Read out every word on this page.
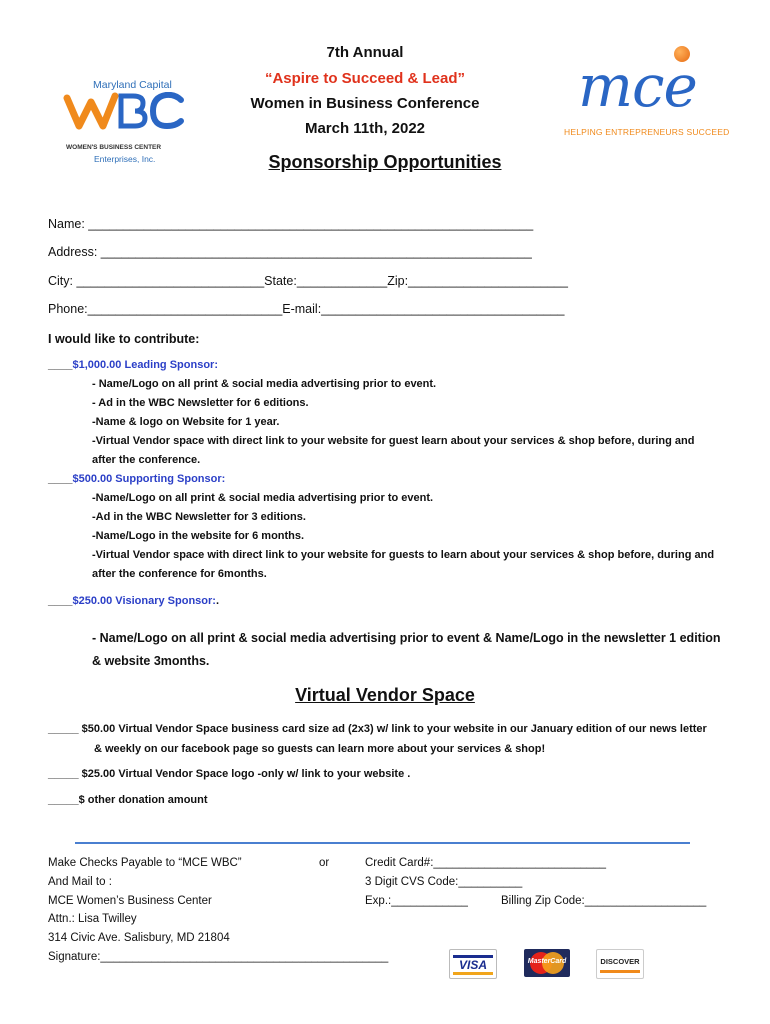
Maryland Capital
WOMEN'S BUSINESS CENTER
Enterprises, Inc.
mce
HELPING ENTREPRENEURS SUCCEED
7th Annual
“Aspire to Succeed & Lead”
Women in Business Conference
March 11th, 2022
Sponsorship Opportunities
Name: ________________________________________________________________
Address: ______________________________________________________________
City: ___________________________State:_____________Zip:_______________________
Phone:____________________________E-mail:___________________________________
I would like to contribute:
____$1,000.00 Leading Sponsor:
- Name/Logo on all print & social media advertising prior to event.
- Ad in the WBC Newsletter for 6 editions.
-Name & logo on Website for 1 year.
-Virtual Vendor space with direct link to your website for guest learn about your services & shop before, during and
after the conference.
____$500.00 Supporting Sponsor:
-Name/Logo on all print & social media advertising prior to event.
-Ad in the WBC Newsletter for 3 editions.
-Name/Logo in the website for 6 months.
-Virtual Vendor space with direct link to your website for guests to learn about your services & shop before, during and
after the conference for 6months.
____$250.00 Visionary Sponsor:.
- Name/Logo on all print & social media advertising prior to event & Name/Logo in the newsletter 1 edition
& website 3months.
Virtual Vendor Space
_____ $50.00 Virtual Vendor Space business card size ad (2x3) w/ link to your website in our January edition of our news letter
& weekly on our facebook page so guests can learn more about your services & shop!
_____ $25.00 Virtual Vendor Space logo -only w/ link to your website .
_____$ other donation amount
Make Checks Payable to “MCE WBC”	or
And Mail to :
MCE Women’s Business Center
Attn.: Lisa Twilley
314 Civic Ave. Salisbury, MD 21804
Signature:_____________________________________________
Credit Card#:___________________________
3 Digit CVS Code:__________
Exp.:____________	Billing Zip Code:___________________
VISA	MasterCard	DISCOVER
